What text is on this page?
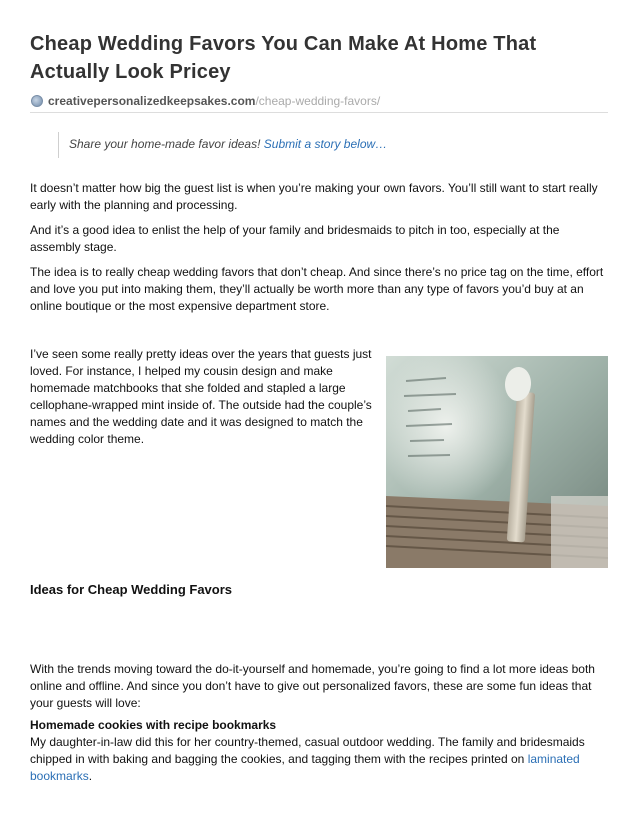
Cheap Wedding Favors You Can Make At Home That Actually Look Pricey
creativepersonalizedkeepsakes.com /cheap-wedding-favors/
Share your home-made favor ideas! Submit a story below…

It doesn’t matter how big the guest list is when you’re making your own favors. You’ll still want to start really early with the planning and processing.

And it’s a good idea to enlist the help of your family and bridesmaids to pitch in too, especially at the assembly stage.

The idea is to really cheap wedding favors that don’t cheap. And since there’s no price tag on the time, effort and love you put into making them, they’ll actually be worth more than any type of favors you’d buy at an online boutique or the most expensive department store.

I’ve seen some really pretty ideas over the years that guests just loved. For instance, I helped my cousin design and make homemade matchbooks that she folded and stapled a large cellophane-wrapped mint inside of. The outside had the couple’s names and the wedding date and it was designed to match the wedding color theme.

Ideas for Cheap Wedding Favors

With the trends moving toward the do-it-yourself and homemade, you’re going to find a lot more ideas both online and offline. And since you don’t have to give out personalized favors, these are some fun ideas that your guests will love:

Homemade cookies with recipe bookmarks
My daughter-in-law did this for her country-themed, casual outdoor wedding. The family and bridesmaids chipped in with baking and bagging the cookies, and tagging them with the recipes printed on laminated bookmarks.
